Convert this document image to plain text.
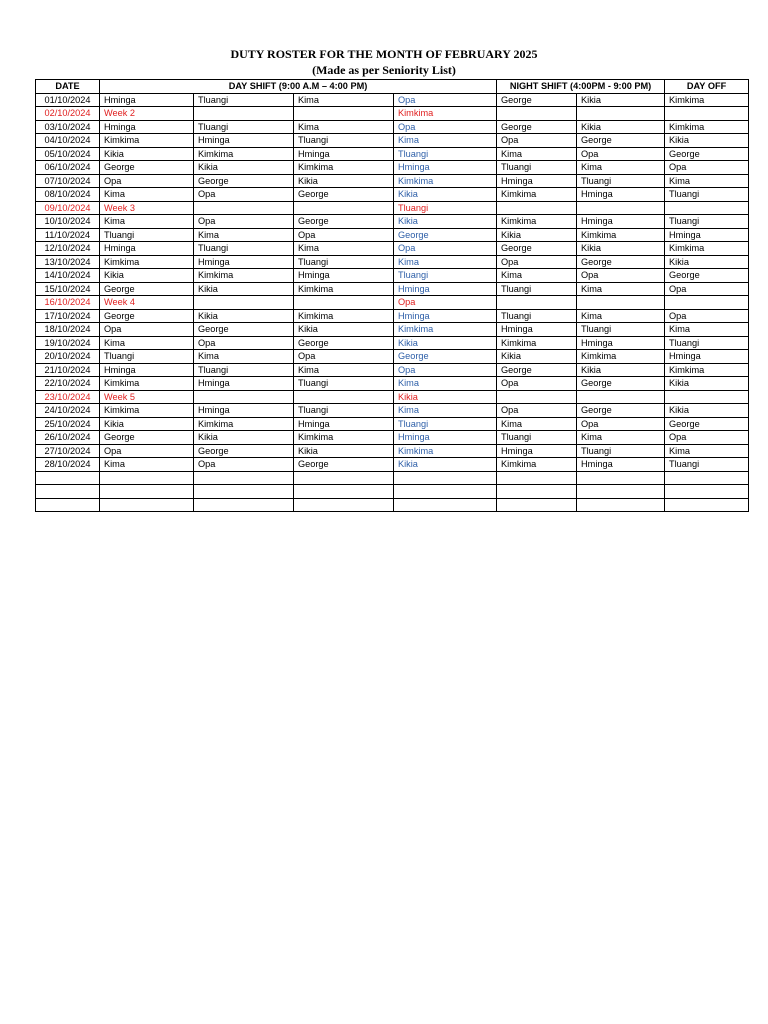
DUTY ROSTER FOR THE MONTH OF FEBRUARY 2025
(Made as per Seniority List)
DATE	DAY SHIFT (9:00 A.M – 4:00 PM)				NIGHT SHIFT (4:00PM - 9:00 PM)		DAY OFF
01/10/2024	Hminga	Tluangi	Kima	Opa	George	Kikia	Kimkima
02/10/2024	Week 2			Kimkima			
03/10/2024	Hminga	Tluangi	Kima	Opa	George	Kikia	Kimkima
04/10/2024	Kimkima	Hminga	Tluangi	Kima	Opa	George	Kikia
05/10/2024	Kikia	Kimkima	Hminga	Tluangi	Kima	Opa	George
06/10/2024	George	Kikia	Kimkima	Hminga	Tluangi	Kima	Opa
07/10/2024	Opa	George	Kikia	Kimkima	Hminga	Tluangi	Kima
08/10/2024	Kima	Opa	George	Kikia	Kimkima	Hminga	Tluangi
09/10/2024	Week 3			Tluangi			
10/10/2024	Kima	Opa	George	Kikia	Kimkima	Hminga	Tluangi
11/10/2024	Tluangi	Kima	Opa	George	Kikia	Kimkima	Hminga
12/10/2024	Hminga	Tluangi	Kima	Opa	George	Kikia	Kimkima
13/10/2024	Kimkima	Hminga	Tluangi	Kima	Opa	George	Kikia
14/10/2024	Kikia	Kimkima	Hminga	Tluangi	Kima	Opa	George
15/10/2024	George	Kikia	Kimkima	Hminga	Tluangi	Kima	Opa
16/10/2024	Week 4			Opa			
17/10/2024	George	Kikia	Kimkima	Hminga	Tluangi	Kima	Opa
18/10/2024	Opa	George	Kikia	Kimkima	Hminga	Tluangi	Kima
19/10/2024	Kima	Opa	George	Kikia	Kimkima	Hminga	Tluangi
20/10/2024	Tluangi	Kima	Opa	George	Kikia	Kimkima	Hminga
21/10/2024	Hminga	Tluangi	Kima	Opa	George	Kikia	Kimkima
22/10/2024	Kimkima	Hminga	Tluangi	Kima	Opa	George	Kikia
23/10/2024	Week 5			Kikia			
24/10/2024	Kimkima	Hminga	Tluangi	Kima	Opa	George	Kikia
25/10/2024	Kikia	Kimkima	Hminga	Tluangi	Kima	Opa	George
26/10/2024	George	Kikia	Kimkima	Hminga	Tluangi	Kima	Opa
27/10/2024	Opa	George	Kikia	Kimkima	Hminga	Tluangi	Kima
28/10/2024	Kima	Opa	George	Kikia	Kimkima	Hminga	Tluangi
